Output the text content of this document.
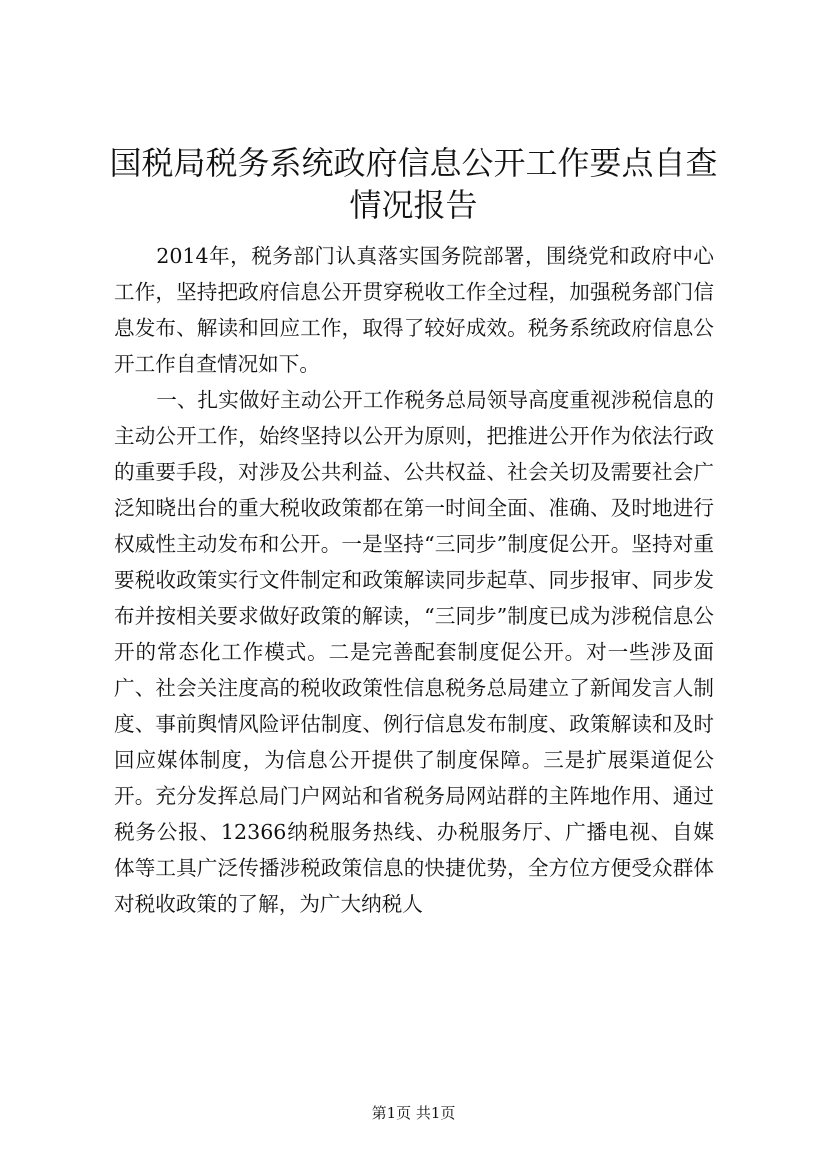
国税局税务系统政府信息公开工作要点自查情况报告

2014年，税务部门认真落实国务院部署，围绕党和政府中心工作，坚持把政府信息公开贯穿税收工作全过程，加强税务部门信息发布、解读和回应工作，取得了较好成效。税务系统政府信息公开工作自查情况如下。

一、扎实做好主动公开工作税务总局领导高度重视涉税信息的主动公开工作，始终坚持以公开为原则，把推进公开作为依法行政的重要手段，对涉及公共利益、公共权益、社会关切及需要社会广泛知晓出台的重大税收政策都在第一时间全面、准确、及时地进行权威性主动发布和公开。一是坚持“三同步”制度促公开。坚持对重要税收政策实行文件制定和政策解读同步起草、同步报审、同步发布并按相关要求做好政策的解读，“三同步”制度已成为涉税信息公开的常态化工作模式。二是完善配套制度促公开。对一些涉及面广、社会关注度高的税收政策性信息税务总局建立了新闻发言人制度、事前舆情风险评估制度、例行信息发布制度、政策解读和及时回应媒体制度，为信息公开提供了制度保障。三是扩展渠道促公开。充分发挥总局门户网站和省税务局网站群的主阵地作用、通过税务公报、12366纳税服务热线、办税服务厅、广播电视、自媒体等工具广泛传播涉税政策信息的快捷优势，全方位方便受众群体对税收政策的了解，为广大纳税人

第1页 共1页
